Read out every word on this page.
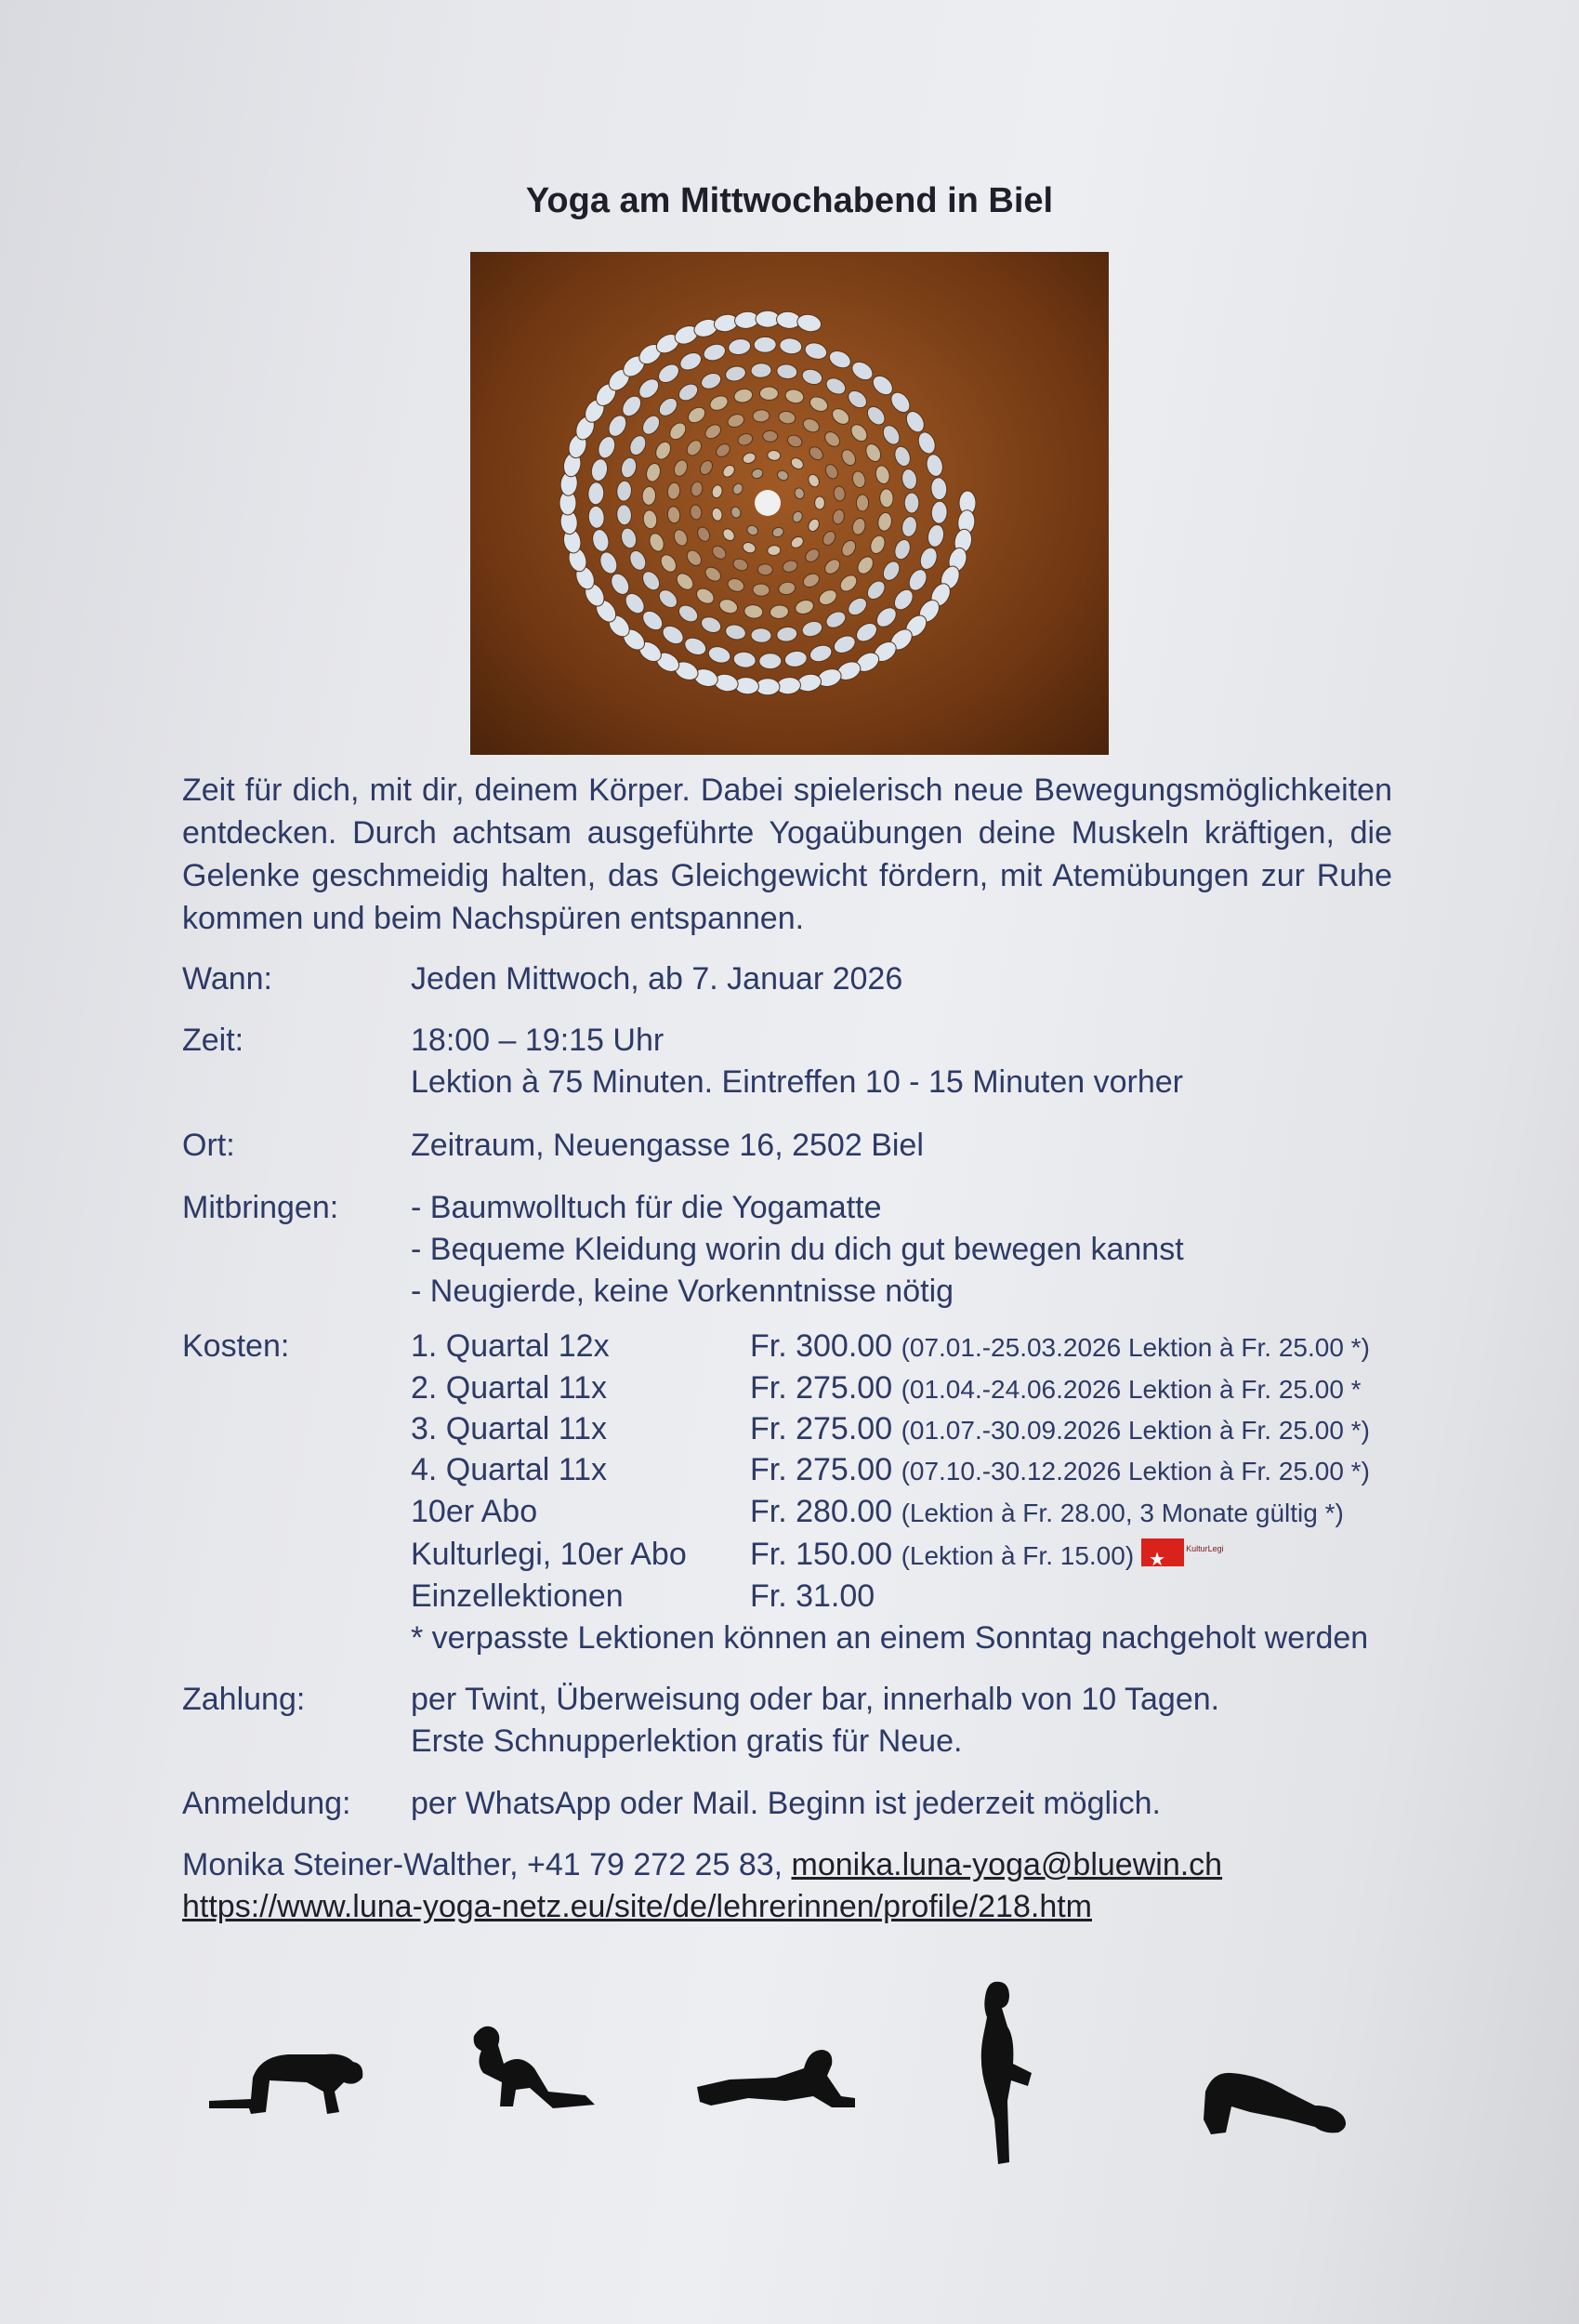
Yoga am Mittwochabend in Biel
Zeit für dich, mit dir, deinem Körper. Dabei spielerisch neue Bewegungsmöglichkeiten entdecken. Durch achtsam ausgeführte Yogaübungen deine Muskeln kräftigen, die Gelenke geschmeidig halten, das Gleichgewicht fördern, mit Atemübungen zur Ruhe kommen und beim Nachspüren entspannen.
Wann:	Jeden Mittwoch, ab 7. Januar 2026
Zeit:	18:00 – 19:15 Uhr
Lektion à 75 Minuten. Eintreffen 10 - 15 Minuten vorher
Ort:	Zeitraum, Neuengasse 16, 2502 Biel
Mitbringen:	- Baumwolltuch für die Yogamatte
- Bequeme Kleidung worin du dich gut bewegen kannst
- Neugierde, keine Vorkenntnisse nötig
Kosten:	1. Quartal 12x	Fr. 300.00 (07.01.-25.03.2026 Lektion à Fr. 25.00 *)
2. Quartal 11x	Fr. 275.00 (01.04.-24.06.2026 Lektion à Fr. 25.00 *
3. Quartal 11x	Fr. 275.00 (01.07.-30.09.2026 Lektion à Fr. 25.00 *)
4. Quartal 11x	Fr. 275.00 (07.10.-30.12.2026 Lektion à Fr. 25.00 *)
10er Abo	Fr. 280.00 (Lektion à Fr. 28.00, 3 Monate gültig *)
Kulturlegi, 10er Abo Fr. 150.00 (Lektion à Fr. 15.00)★	KulturLegi
Einzellektionen	Fr. 31.00
* verpasste Lektionen können an einem Sonntag nachgeholt werden
Zahlung:	per Twint, Überweisung oder bar, innerhalb von 10 Tagen.
Erste Schnupperlektion gratis für Neue.
Anmeldung:	per WhatsApp oder Mail. Beginn ist jederzeit möglich.
Monika Steiner-Walther, +41 79 272 25 83, monika.luna-yoga@bluewin.ch
https://www.luna-yoga-netz.eu/site/de/lehrerinnen/profile/218.htm
